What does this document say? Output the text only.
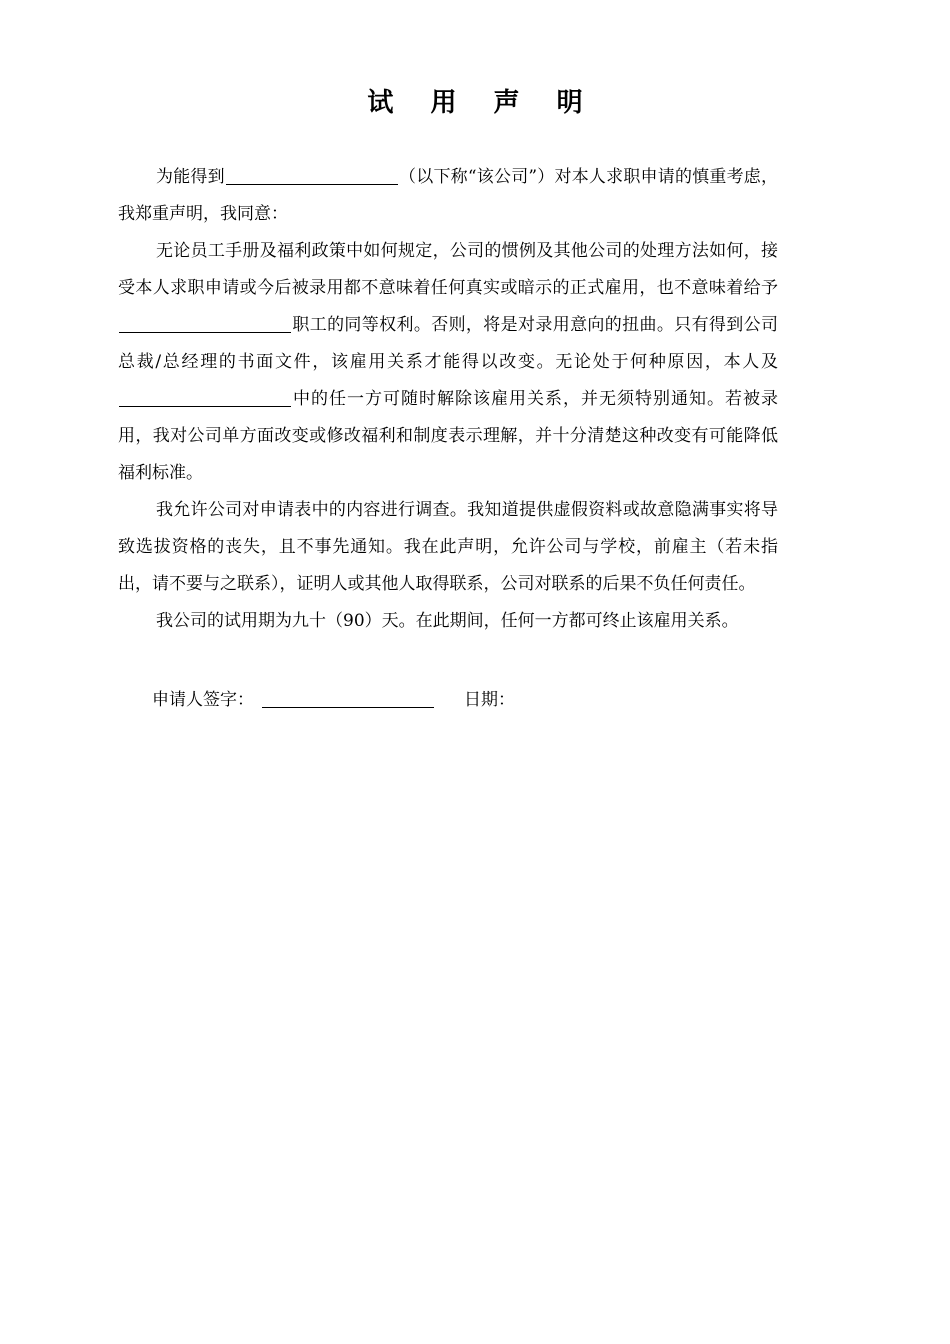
试 用 声 明

为能得到	（以下称“该公司”）对本人求职申请的慎重考虑，我郑重声明，我同意：

无论员工手册及福利政策中如何规定，公司的惯例及其他公司的处理方法如何，接受本人求职申请或今后被录用都不意味着任何真实或暗示的正式雇用，也不意味着给予职工的同等权利。否则，将是对录用意向的扭曲。只有得到公司总裁/总经理的书面文件，该雇用关系才能得以改变。无论处于何种原因，本人及中的任一方可随时解除该雇用关系，并无须特别通知。若被录用，我对公司单方面改变或修改福利和制度表示理解，并十分清楚这种改变有可能降低福利标准。

我允许公司对申请表中的内容进行调查。我知道提供虚假资料或故意隐满事实将导致选拔资格的丧失，且不事先通知。我在此声明，允许公司与学校，前雇主（若未指出，请不要与之联系），证明人或其他人取得联系，公司对联系的后果不负任何责任。

我公司的试用期为九十（90）天。在此期间，任何一方都可终止该雇用关系。

申请人签字：	日期：
